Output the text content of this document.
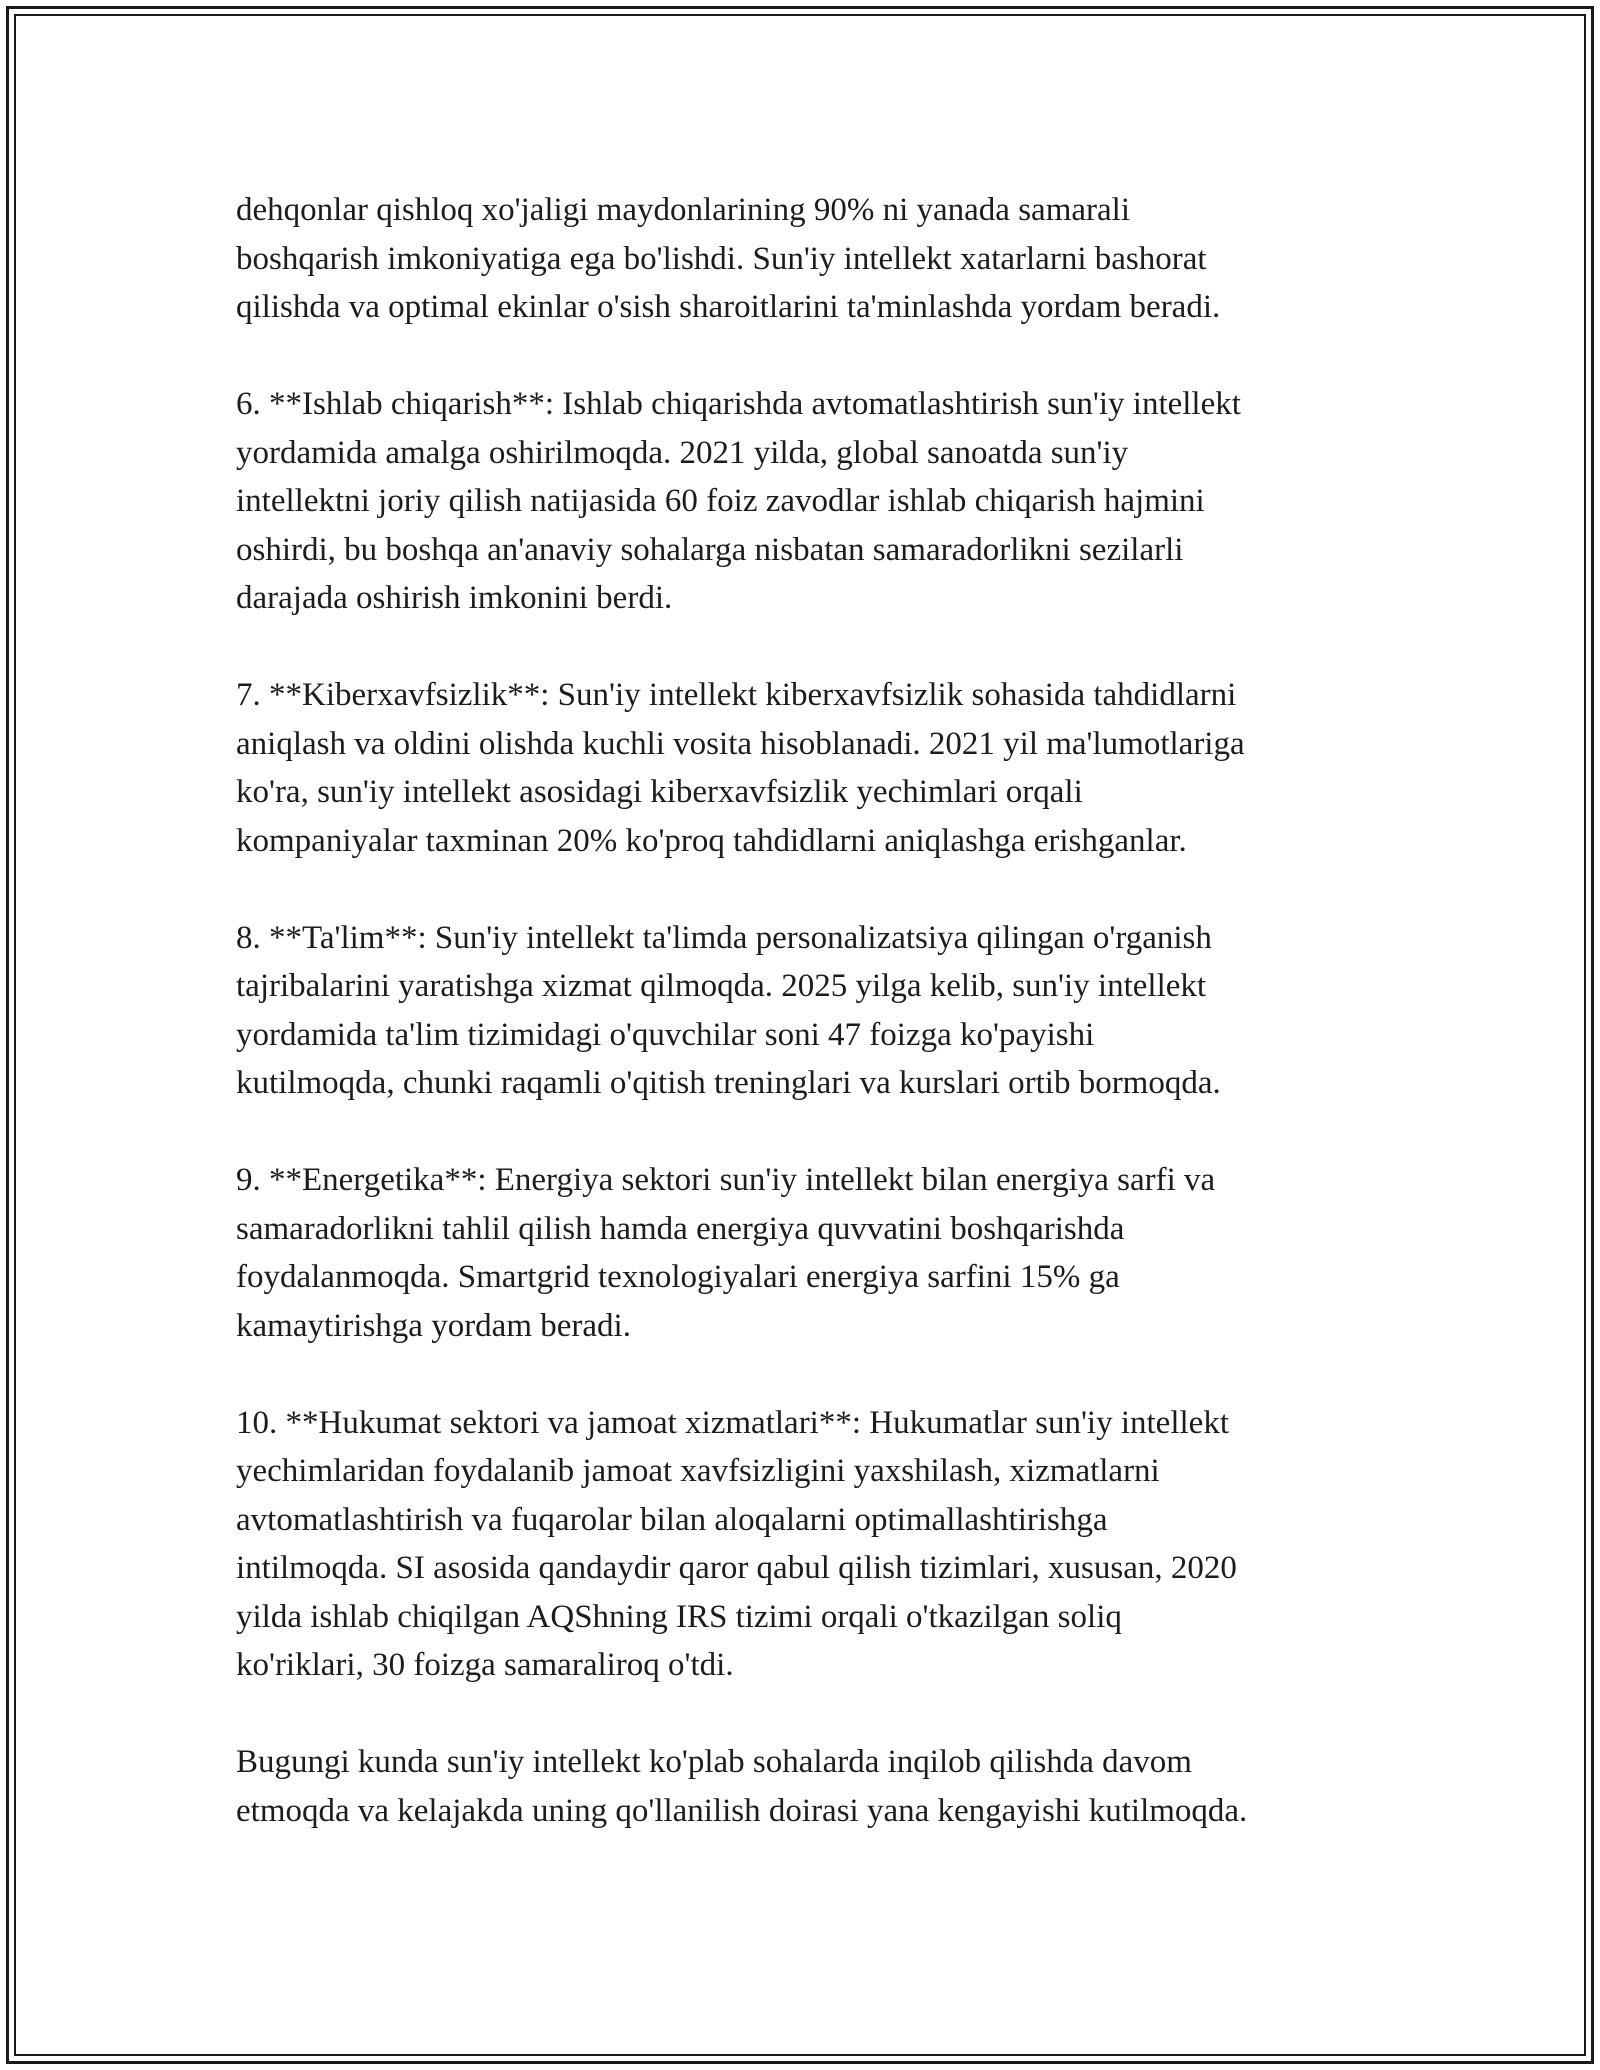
dehqonlar qishloq xo'jaligi maydonlarining 90% ni yanada samarali
boshqarish imkoniyatiga ega bo'lishdi. Sun'iy intellekt xatarlarni bashorat
qilishda va optimal ekinlar o'sish sharoitlarini ta'minlashda yordam beradi.

6. **Ishlab chiqarish**: Ishlab chiqarishda avtomatlashtirish sun'iy intellekt
yordamida amalga oshirilmoqda. 2021 yilda, global sanoatda sun'iy
intellektni joriy qilish natijasida 60 foiz zavodlar ishlab chiqarish hajmini
oshirdi, bu boshqa an'anaviy sohalarga nisbatan samaradorlikni sezilarli
darajada oshirish imkonini berdi.

7. **Kiberxavfsizlik**: Sun'iy intellekt kiberxavfsizlik sohasida tahdidlarni
aniqlash va oldini olishda kuchli vosita hisoblanadi. 2021 yil ma'lumotlariga
ko'ra, sun'iy intellekt asosidagi kiberxavfsizlik yechimlari orqali
kompaniyalar taxminan 20% ko'proq tahdidlarni aniqlashga erishganlar.

8. **Ta'lim**: Sun'iy intellekt ta'limda personalizatsiya qilingan o'rganish
tajribalarini yaratishga xizmat qilmoqda. 2025 yilga kelib, sun'iy intellekt
yordamida ta'lim tizimidagi o'quvchilar soni 47 foizga ko'payishi
kutilmoqda, chunki raqamli o'qitish treninglari va kurslari ortib bormoqda.

9. **Energetika**: Energiya sektori sun'iy intellekt bilan energiya sarfi va
samaradorlikni tahlil qilish hamda energiya quvvatini boshqarishda
foydalanmoqda. Smartgrid texnologiyalari energiya sarfini 15% ga
kamaytirishga yordam beradi.

10. **Hukumat sektori va jamoat xizmatlari**: Hukumatlar sun'iy intellekt
yechimlaridan foydalanib jamoat xavfsizligini yaxshilash, xizmatlarni
avtomatlashtirish va fuqarolar bilan aloqalarni optimallashtirishga
intilmoqda. SI asosida qandaydir qaror qabul qilish tizimlari, xususan, 2020
yilda ishlab chiqilgan AQShning IRS tizimi orqali o'tkazilgan soliq
ko'riklari, 30 foizga samaraliroq o'tdi.

Bugungi kunda sun'iy intellekt ko'plab sohalarda inqilob qilishda davom
etmoqda va kelajakda uning qo'llanilish doirasi yana kengayishi kutilmoqda.
